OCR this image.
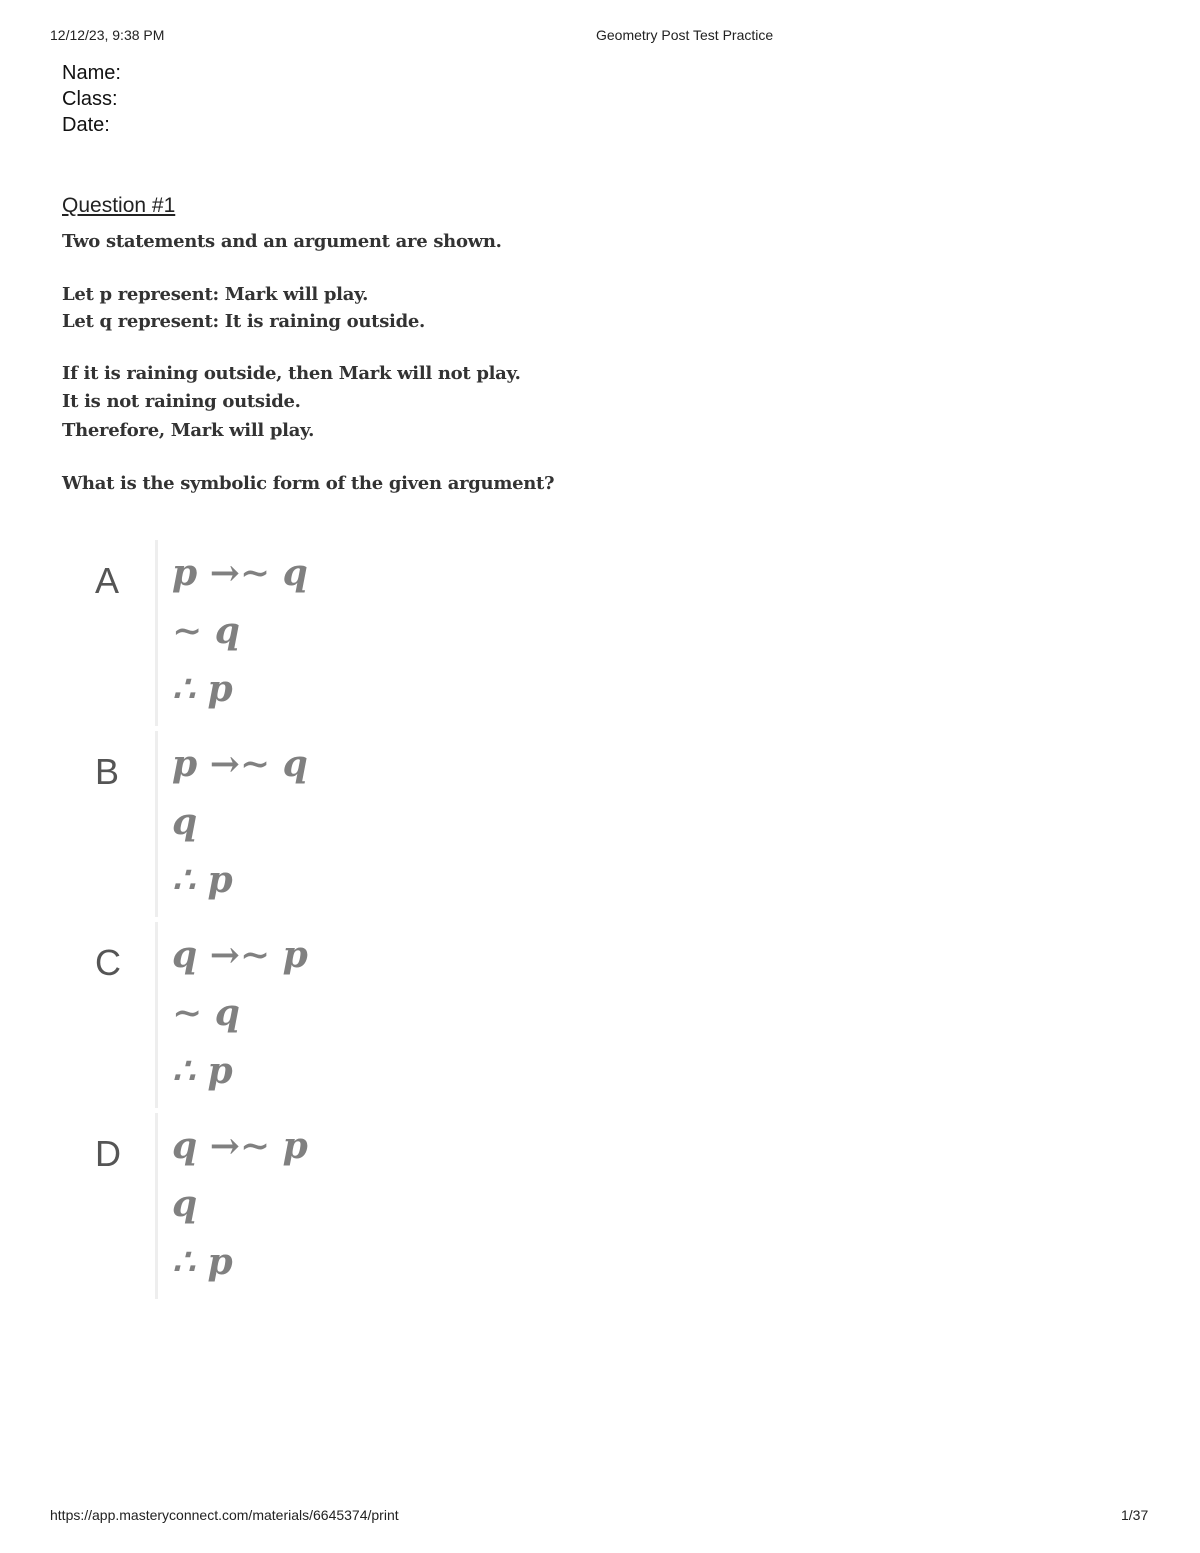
12/12/23, 9:38 PM	Geometry Post Test Practice
Name:
Class:
Date:
Question #1
Two statements and an argument are shown.
Let p represent: Mark will play.
Let q represent: It is raining outside.
If it is raining outside, then Mark will not play.
It is not raining outside.
Therefore, Mark will play.
What is the symbolic form of the given argument?
A p →∼ q
∼ q
∴ p
B p →∼ q
q
∴ p
C q →∼ p
∼ q
∴ p
D q →∼ p
q
∴ p
https://app.masteryconnect.com/materials/6645374/print	1/37
